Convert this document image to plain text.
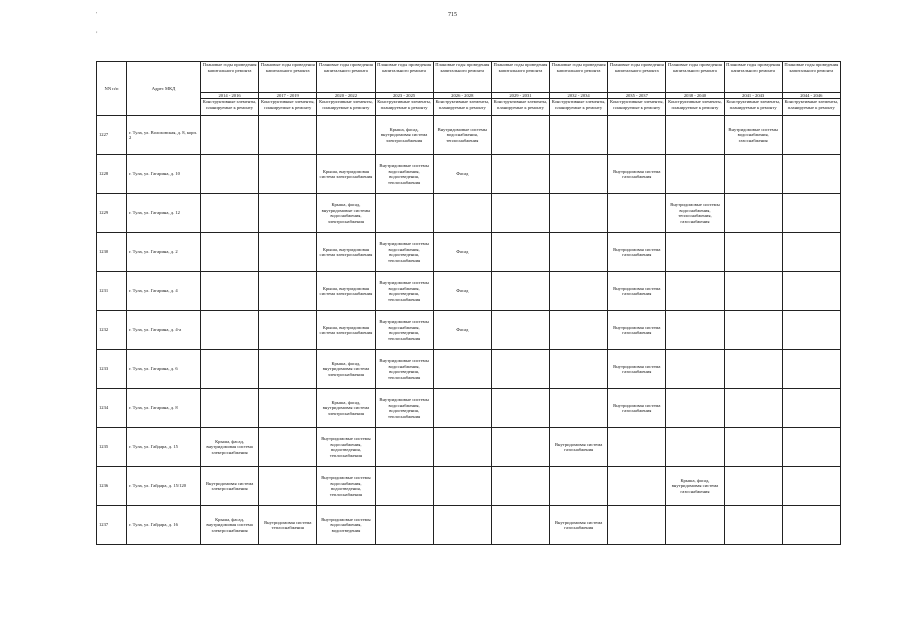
715
'
,
NN п/п	Адрес МКД	Плановые годы проведения капитального ремонта	Плановые годы проведения капитального ремонта	Плановые годы проведения капитального ремонта	Плановые годы проведения капитального ремонта	Плановые годы проведения капитального ремонта	Плановые годы проведения капитального ремонта	Плановые годы проведения капитального ремонта	Плановые годы проведения капитального ремонта	Плановые годы проведения капитального ремонта	Плановые годы проведения капитального ремонта	Плановые годы проведения капитального ремонта
		2014 - 2016	2017 - 2019	2020 - 2022	2023 - 2025	2026 - 2028	2029 - 2031	2032 - 2034	2035 - 2037	2038 - 2040	2041 - 2043	2044 - 2046
		Конструктивные элементы, планируемые к ремонту	Конструктивные элементы, планируемые к ремонту	Конструктивные элементы, планируемые к ремонту	Конструктивные элементы, планируемые к ремонту	Конструктивные элементы, планируемые к ремонту	Конструктивные элементы, планируемые к ремонту	Конструктивные элементы, планируемые к ремонту	Конструктивные элементы, планируемые к ремонту	Конструктивные элементы, планируемые к ремонту	Конструктивные элементы, планируемые к ремонту	Конструктивные элементы, планируемые к ремонту
1227	г. Тула, ул. Волоховская, д. 8, корп. 2				Крыша, фасад, внутридомовая система электроснабжения	Внутридомовые системы водоснабжения, теплоснабжения					Внутридомовые системы водоснабжения, газоснабжения	
1228	г. Тула, ул. Гагарина, д. 10			Крыша, внутридомовая система электроснабжения	Внутридомовые системы водоснабжения, водоотведения, теплоснабжения	Фасад			Внутридомовая система газоснабжения			
1229	г. Тула, ул. Гагарина, д. 12			Крыша, фасад, внутридомовые системы водоснабжения, электроснабжения						Внутридомовые системы водоснабжения, теплоснабжения, газоснабжения		
1230	г. Тула, ул. Гагарина, д. 2			Крыша, внутридомовая система электроснабжения	Внутридомовые системы водоснабжения, водоотведения, теплоснабжения	Фасад			Внутридомовая система газоснабжения			
1231	г. Тула, ул. Гагарина, д. 4			Крыша, внутридомовая система электроснабжения	Внутридомовые системы водоснабжения, водоотведения, теплоснабжения	Фасад			Внутридомовая система газоснабжения			
1232	г. Тула, ул. Гагарина, д. 4-а			Крыша, внутридомовая система электроснабжения	Внутридомовые системы водоснабжения, водоотведения, теплоснабжения	Фасад			Внутридомовая система газоснабжения			
1233	г. Тула, ул. Гагарина, д. 6			Крыша, фасад, внутридомовая система электроснабжения	Внутридомовые системы водоснабжения, водоотведения, теплоснабжения				Внутридомовая система газоснабжения			
1234	г. Тула, ул. Гагарина, д. 8			Крыша, фасад, внутридомовая система электроснабжения	Внутридомовые системы водоснабжения, водоотведения, теплоснабжения				Внутридомовая система газоснабжения			
1235	г. Тула, ул. Гайдара, д. 15	Крыша, фасад, внутридомовая система электроснабжения		Внутридомовые системы водоснабжения, водоотведения, теплоснабжения				Внутридомовая система газоснабжения				
1236	г. Тула, ул. Гайдара, д. 15/120	Внутридомовая система электроснабжения		Внутридомовые системы водоснабжения, водоотведения, теплоснабжения						Крыша, фасад, внутридомовая система газоснабжения		
1237	г. Тула, ул. Гайдара, д. 16	Крыша, фасад, внутридомовая система электроснабжения	Внутридомовая система теплоснабжения	Внутридомовые системы водоснабжения, водоотведения				Внутридомовая система газоснабжения				
